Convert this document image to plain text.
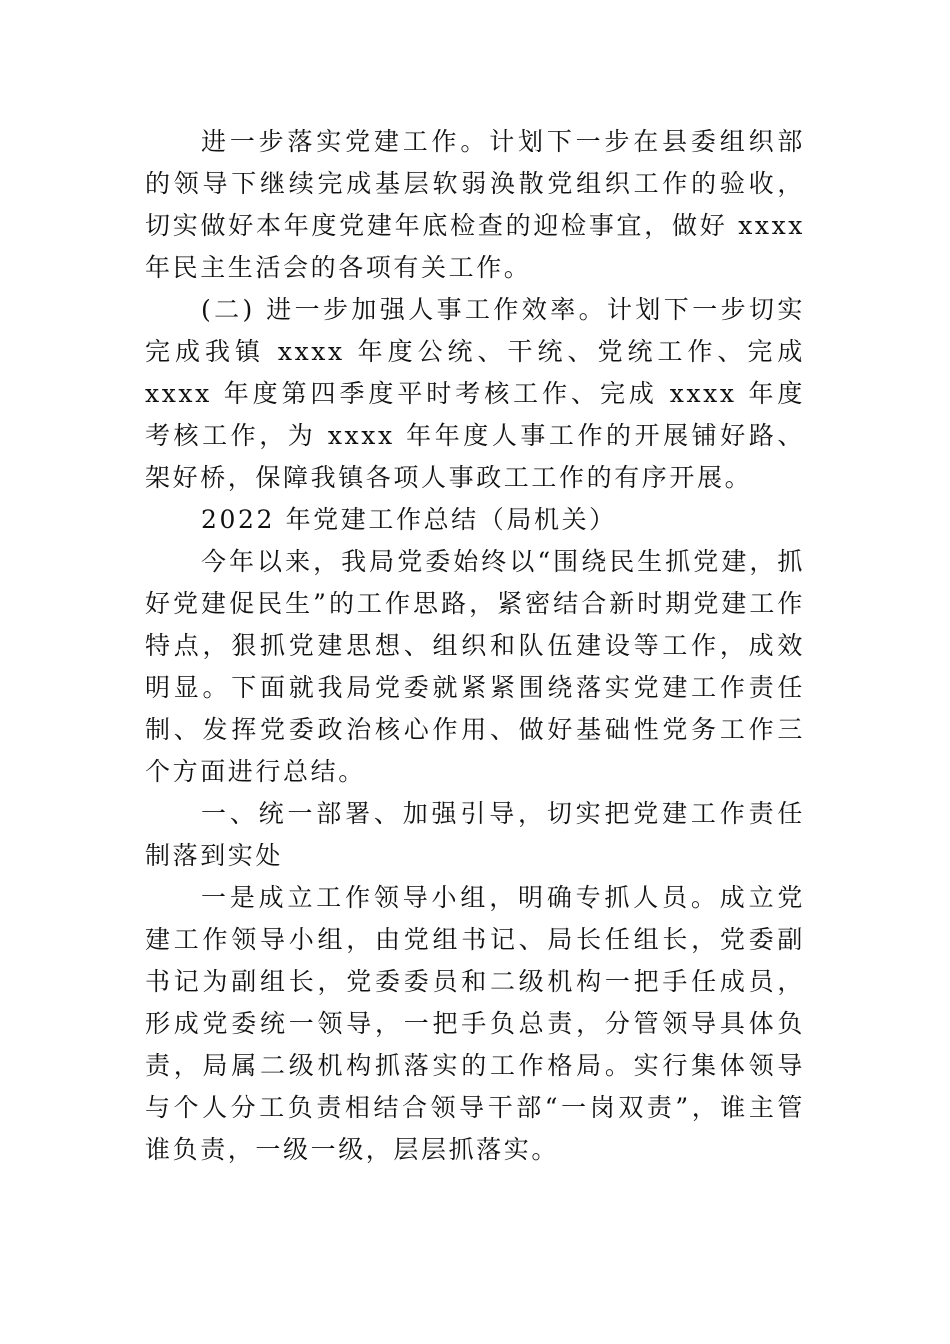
进一步落实党建工作。计划下一步在县委组织部的领导下继续完成基层软弱涣散党组织工作的验收，切实做好本年度党建年底检查的迎检事宜，做好 xxxx 年民主生活会的各项有关工作。

(二) 进一步加强人事工作效率。计划下一步切实完成我镇 xxxx 年度公统、干统、党统工作、完成 xxxx 年度第四季度平时考核工作、完成 xxxx 年度考核工作，为 xxxx 年年度人事工作的开展铺好路、架好桥，保障我镇各项人事政工工作的有序开展。

2022 年党建工作总结（局机关）

今年以来，我局党委始终以“围绕民生抓党建，抓好党建促民生”的工作思路，紧密结合新时期党建工作特点，狠抓党建思想、组织和队伍建设等工作，成效明显。下面就我局党委就紧紧围绕落实党建工作责任制、发挥党委政治核心作用、做好基础性党务工作三个方面进行总结。

一、统一部署、加强引导，切实把党建工作责任制落到实处

一是成立工作领导小组，明确专抓人员。成立党建工作领导小组，由党组书记、局长任组长，党委副书记为副组长，党委委员和二级机构一把手任成员，形成党委统一领导，一把手负总责，分管领导具体负责，局属二级机构抓落实的工作格局。实行集体领导与个人分工负责相结合领导干部“一岗双责”，谁主管谁负责，一级一级，层层抓落实。
